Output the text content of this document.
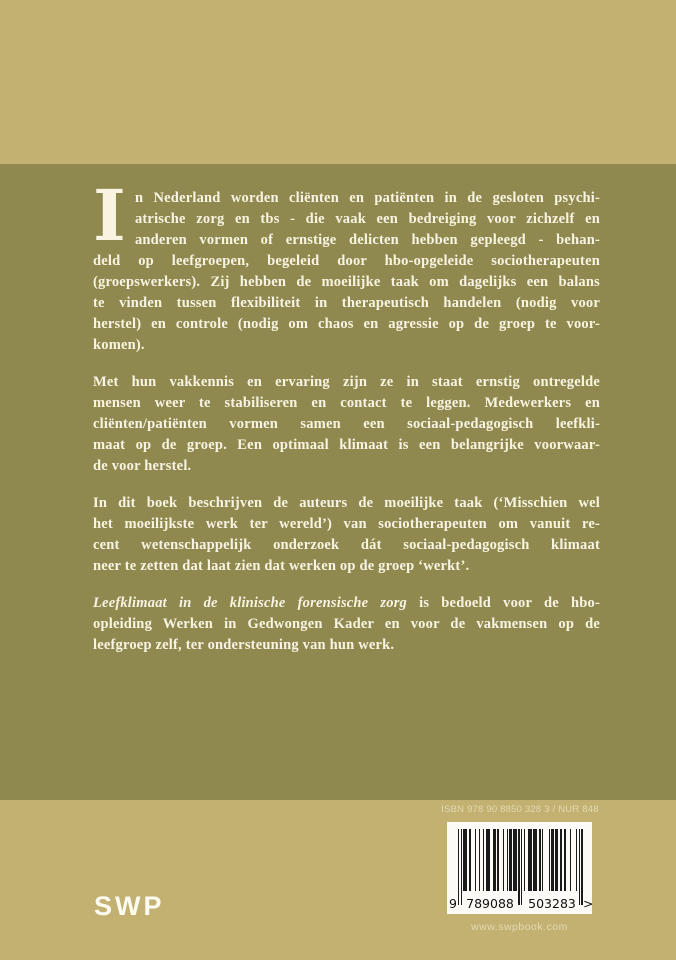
I n Nederland worden cliënten en patiënten in de gesloten psychi-
atrische zorg en tbs - die vaak een bedreiging voor zichzelf en
anderen vormen of ernstige delicten hebben gepleegd - behan-
deld op leefgroepen, begeleid door hbo-opgeleide sociotherapeuten
(groepswerkers). Zij hebben de moeilijke taak om dagelijks een balans
te vinden tussen flexibiliteit in therapeutisch handelen (nodig voor
herstel) en controle (nodig om chaos en agressie op de groep te voor-
komen).
Met hun vakkennis en ervaring zijn ze in staat ernstig ontregelde
mensen weer te stabiliseren en contact te leggen. Medewerkers en
cliënten/patiënten vormen samen een sociaal-pedagogisch leefkli-
maat op de groep. Een optimaal klimaat is een belangrijke voorwaar-
de voor herstel.
In dit boek beschrijven de auteurs de moeilijke taak (‘Misschien wel
het moeilijkste werk ter wereld’) van sociotherapeuten om vanuit re-
cent wetenschappelijk onderzoek dát sociaal-pedagogisch klimaat
neer te zetten dat laat zien dat werken op de groep ‘werkt’.
Leefklimaat in de klinische forensische zorg is bedoeld voor de hbo-
opleiding Werken in Gedwongen Kader en voor de vakmensen op de
leefgroep zelf, ter ondersteuning van hun werk.
SWP
ISBN 978 90 8850 328 3 / NUR 848
9 789088 503283 >
www.swpbook.com
